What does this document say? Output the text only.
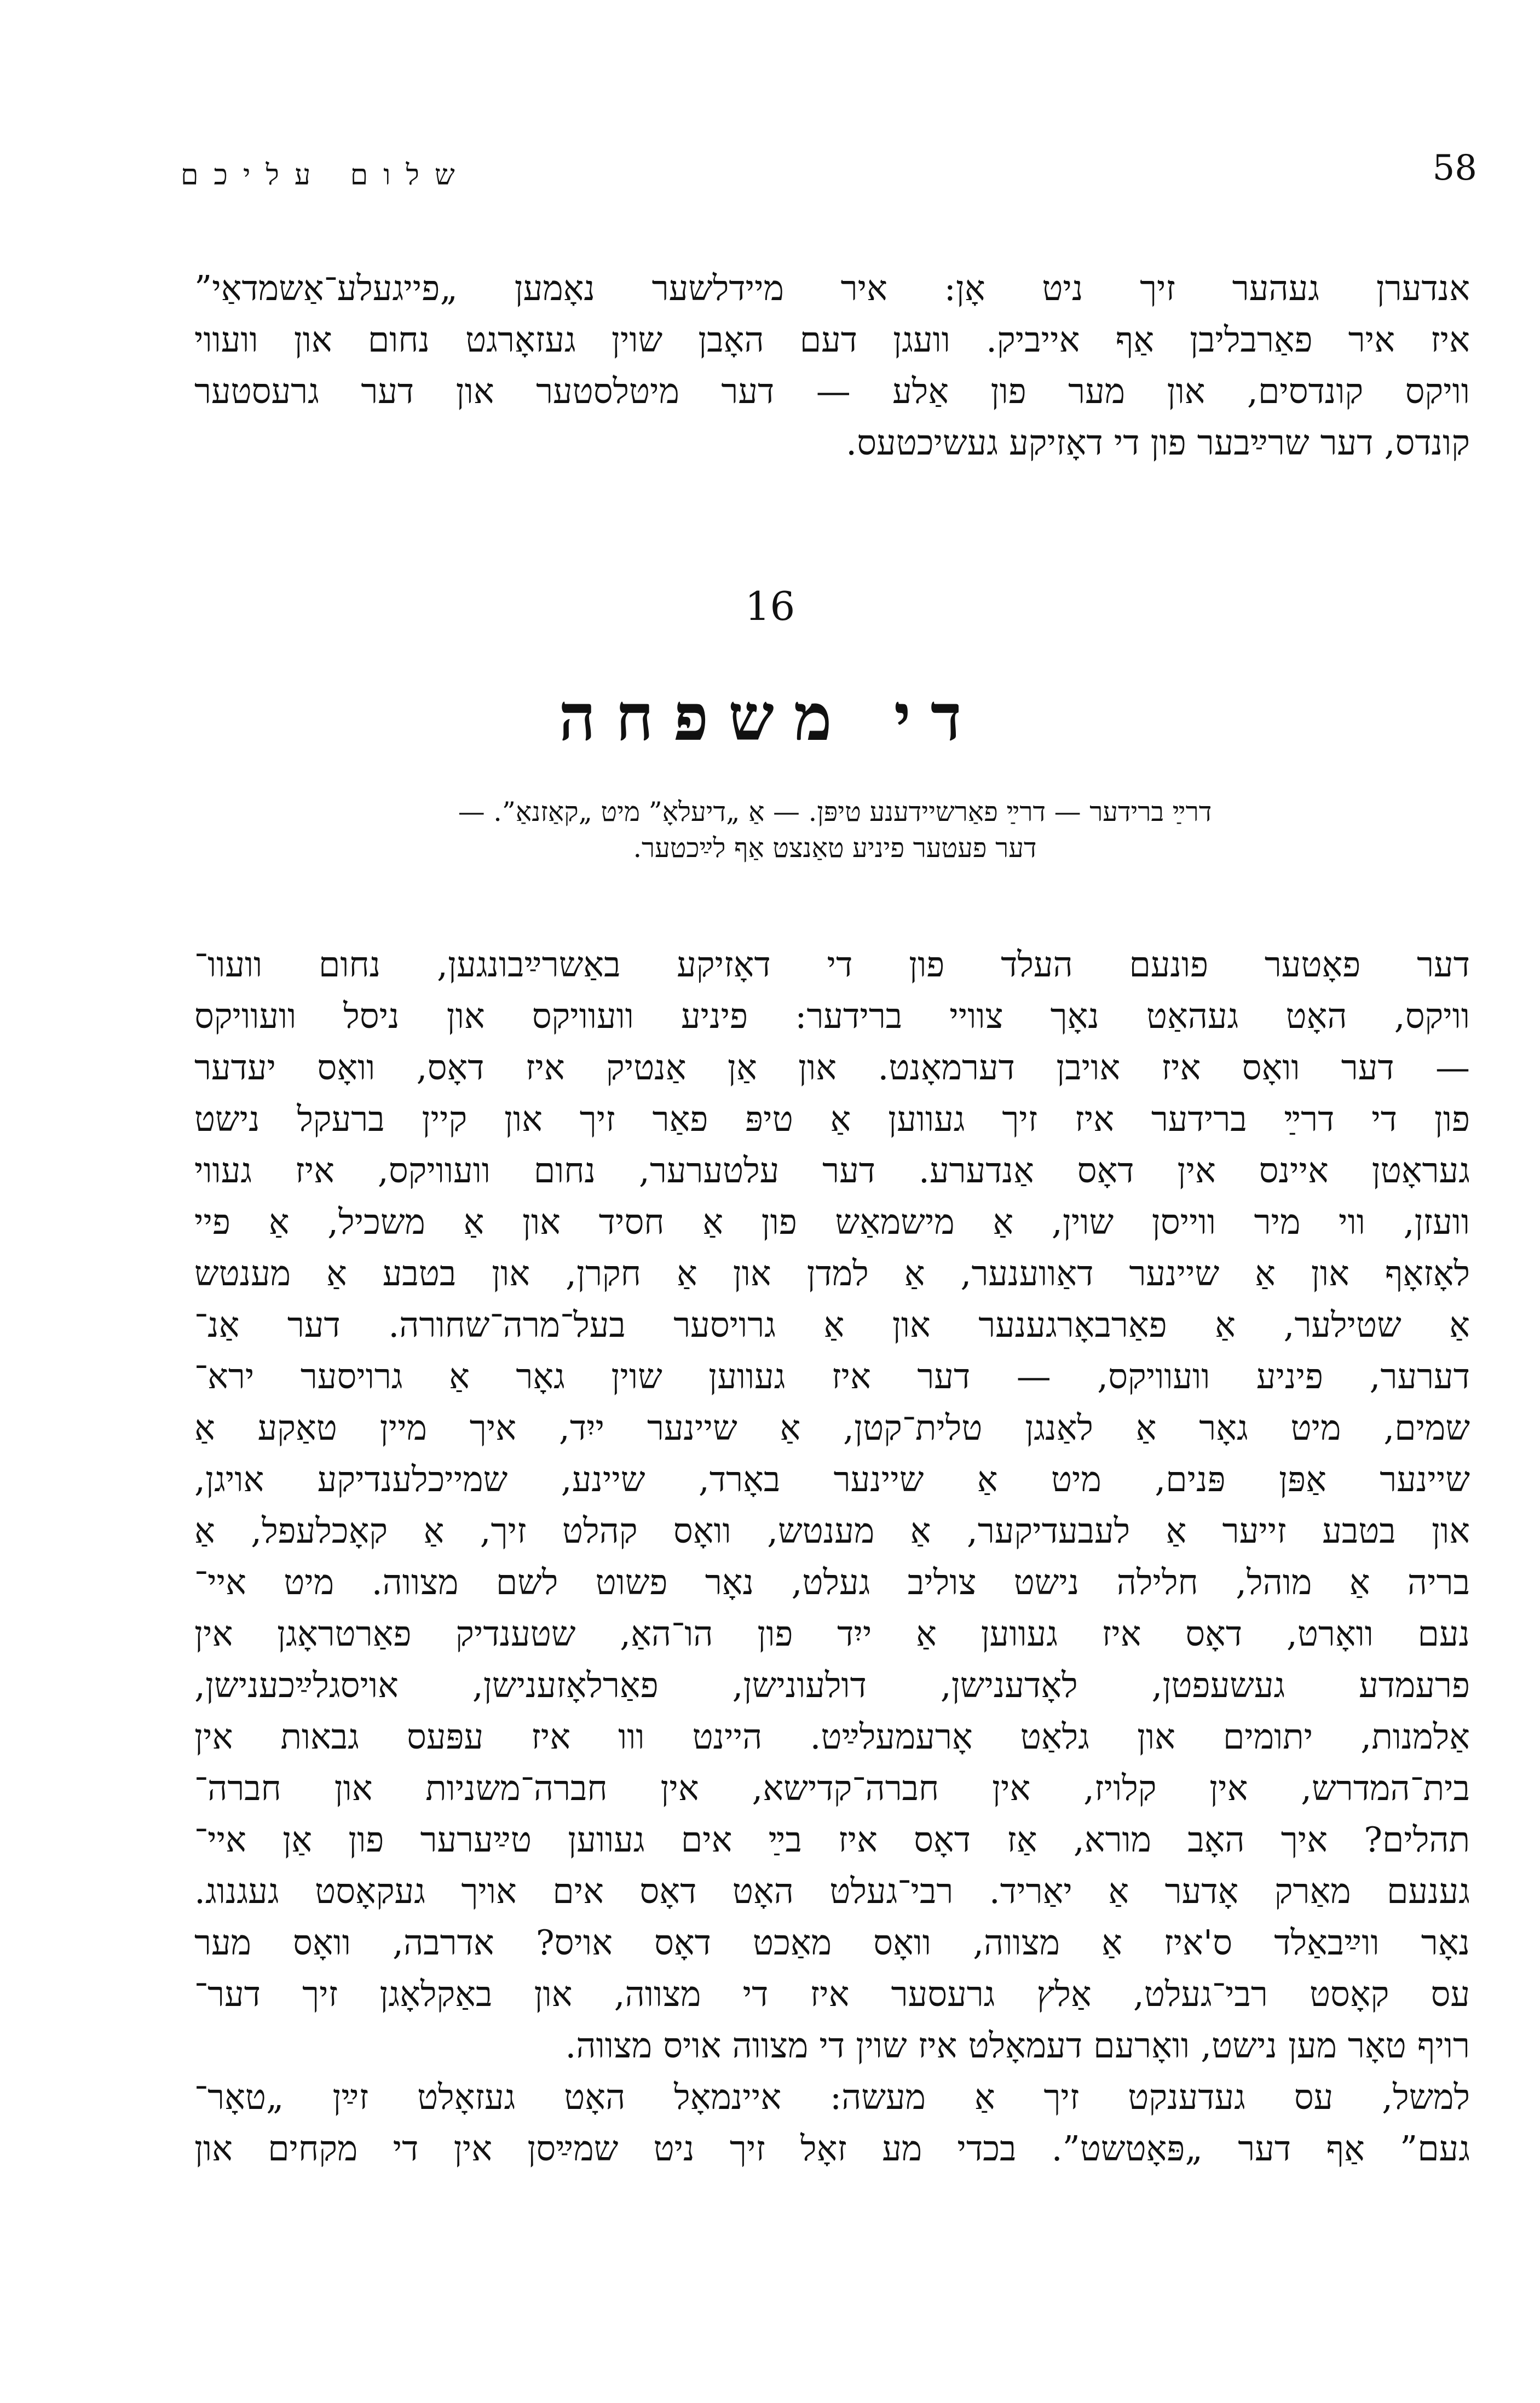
שלום עליכם	58
אנדערן געהער זיך ניט אָן: איר מיידלשער נאָמען „פייגעלע־אַשמדאַי”
איז איר פאַרבליבן אַף אייביק. וועגן דעם האָבן שוין געזאָרגט נחום און וועווי
וויקס קונדסים, און מער פון אַלע — דער מיטלסטער און דער גרעסטער
קונדס, דער שרײַבער פון די דאָזיקע געשיכטעס.
16
די משפחה
דרײַ ברידער — דרײַ פאַרשיידענע טיפּן. — אַ „דיעלאָ” מיט „קאַזנאַ”. —
דער פעטער פיניע טאַנצט אַף לײַכטער.
דער פאָטער פונעם העלד פון די דאָזיקע באַשרײַבונגען, נחום וועוו־
וויקס, האָט געהאַט נאָך צוויי ברידער: פיניע וועוויקס און ניסל וועוויקס
— דער וואָס איז אויבן דערמאָנט. און אַן אַנטיק איז דאָס, וואָס יעדער
פון די דרײַ ברידער איז זיך געווען אַ טיפּ פאַר זיך און קיין ברעקל נישט
געראָטן איינס אין דאָס אַנדערע. דער עלטערער, נחום וועוויקס, איז געווי
וועזן, ווי מיר ווייסן שוין, אַ מישמאַש פון אַ חסיד און אַ משכיל, אַ פיי
לאָזאָף און אַ שיינער דאַווענער, אַ למדן און אַ חקרן, און בטבע אַ מענטש
אַ שטילער, אַ פאַרבאָרגענער און אַ גרויסער בעל־מרה־שחורה. דער אַנ־
דערער, פיניע וועוויקס, — דער איז געווען שוין גאָר אַ גרויסער ירא־
שמים, מיט גאָר אַ לאַנגן טלית־קטן, אַ שיינער ייִד, איך מיין טאַקע אַ
שיינער אַפּן פּנים, מיט אַ שיינער באָרד, שיינע, שמייכלענדיקע אויגן,
און בטבע זייער אַ לעבעדיקער, אַ מענטש, וואָס קהלט זיך, אַ קאָכלעפל, אַ
בריה אַ מוהל, חלילה נישט צוליב געלט, נאָר פשוט לשם מצווה. מיט איי־
נעם וואָרט, דאָס איז געווען אַ ייִד פון הו־האַ, שטענדיק פאַרטראָגן אין
פרעמדע געשעפטן, לאָדענישן, דולעונישן, פאַרלאָזענישן, אויסגלײַכענישן,
אַלמנות, יתומים און גלאַט אָרעמעלײַט. היינט ווו איז עפּעס גבאות אין
בית־המדרש, אין קלויז, אין חברה־קדישא, אין חברה־משניות און חברה־
תהלים? איך האָב מורא, אַז דאָס איז בײַ אים געווען טײַערער פון אַן איי־
גענעם מאַרק אָדער אַ יאַריד. רבי־געלט האָט דאָס אים אויך געקאָסט געגנוג.
נאָר ווײַבאַלד ס'איז אַ מצווה, וואָס מאַכט דאָס אויס? אדרבה, וואָס מער
עס קאָסט רבי־געלט, אַלץ גרעסער איז די מצווה, און באַקלאָגן זיך דער־
רויף טאָר מען נישט, וואָרעם דעמאָלט איז שוין די מצווה אויס מצווה.
למשל, עס געדענקט זיך אַ מעשה: איינמאָל האָט געזאָלט זײַן „טאָר־
געם” אַף דער „פּאָטשט”. בכדי מע זאָל זיך ניט שמײַסן אין די מקחים און
